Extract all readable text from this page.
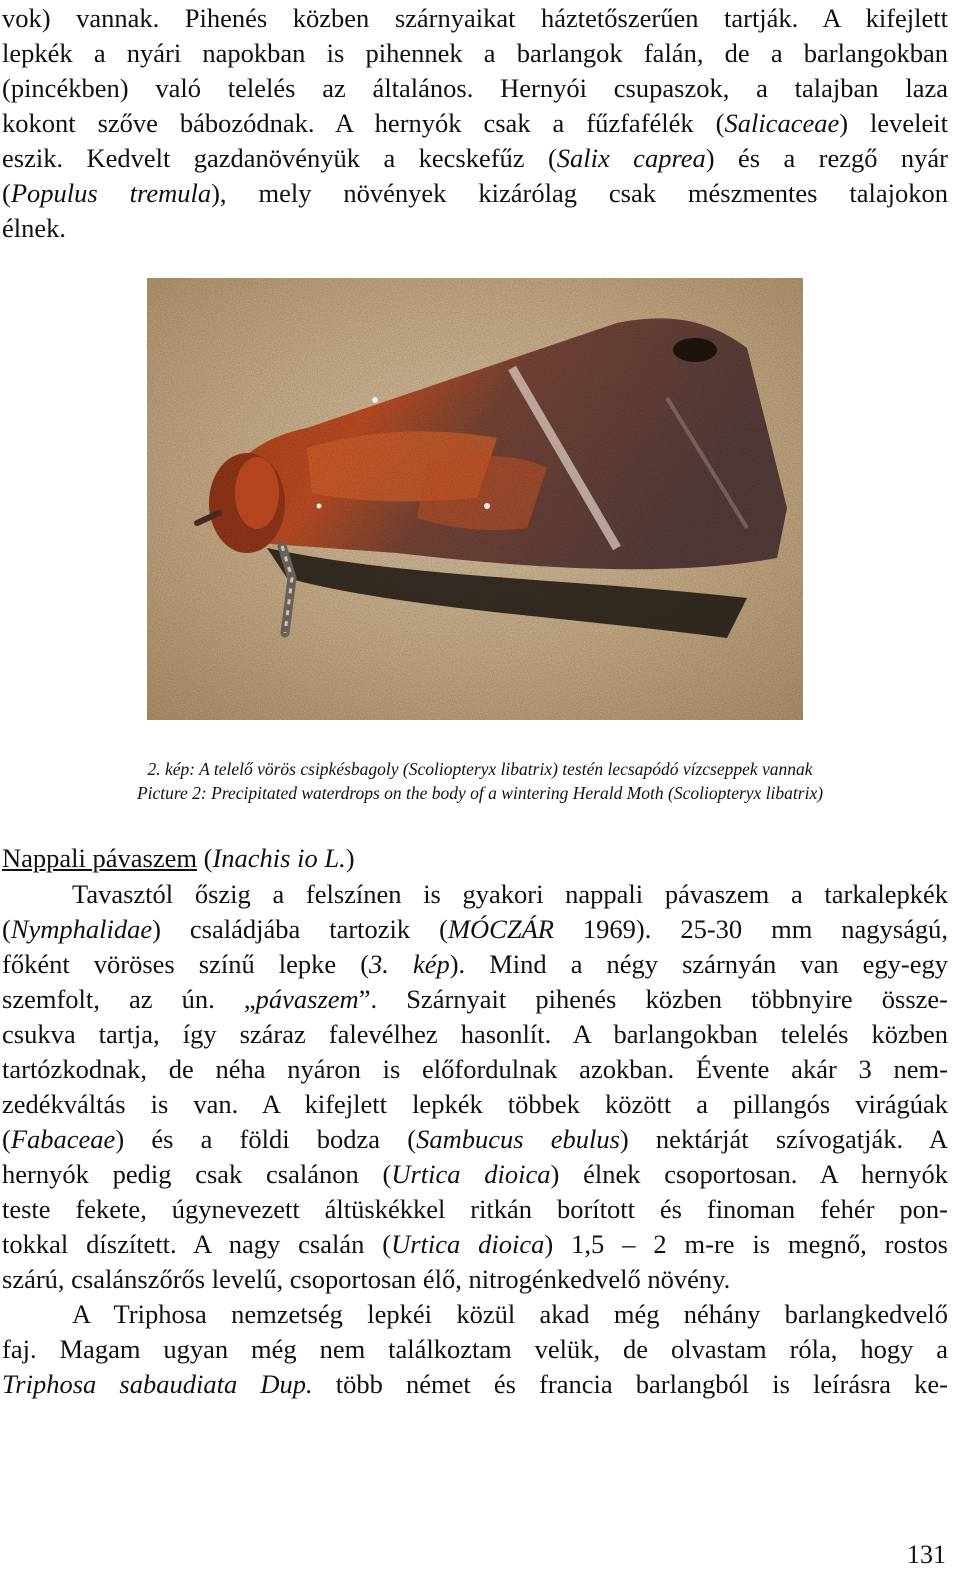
vok) vannak. Pihenés közben szárnyaikat háztetőszerűen tartják. A kifejlett
lepkék a nyári napokban is pihennek a barlangok falán, de a barlangokban
(pincékben) való telelés az általános. Hernyói csupaszok, a talajban laza
kokont szőve bábozódnak. A hernyók csak a fűzfafélék (Salicaceae) leveleit
eszik. Kedvelt gazdanövényük a kecskefűz (Salix caprea) és a rezgő nyár
(Populus tremula), mely növények kizárólag csak mészmentes talajokon
élnek.
2. kép: A telelő vörös csipkésbagoly (Scoliopteryx libatrix) testén lecsapódó vízcseppek vannak
Picture 2: Precipitated waterdrops on the body of a wintering Herald Moth (Scoliopteryx libatrix)
Nappali pávaszem (Inachis io L.)
Tavasztól őszig a felszínen is gyakori nappali pávaszem a tarkalepkék
(Nymphalidae) családjába tartozik (MÓCZÁR 1969). 25-30 mm nagyságú,
főként vöröses színű lepke (3. kép). Mind a négy szárnyán van egy-egy
szemfolt, az ún. „pávaszem”. Szárnyait pihenés közben többnyire össze-
csukva tartja, így száraz falevélhez hasonlít. A barlangokban telelés közben
tartózkodnak, de néha nyáron is előfordulnak azokban. Évente akár 3 nem-
zedékváltás is van. A kifejlett lepkék többek között a pillangós virágúak
(Fabaceae) és a földi bodza (Sambucus ebulus) nektárját szívogatják. A
hernyók pedig csak csalánon (Urtica dioica) élnek csoportosan. A hernyók
teste fekete, úgynevezett áltüskékkel ritkán borított és finoman fehér pon-
tokkal díszített. A nagy csalán (Urtica dioica) 1,5 – 2 m-re is megnő, rostos
szárú, csalánszőrős levelű, csoportosan élő, nitrogénkedvelő növény.
A Triphosa nemzetség lepkéi közül akad még néhány barlangkedvelő
faj. Magam ugyan még nem találkoztam velük, de olvastam róla, hogy a
Triphosa sabaudiata Dup. több német és francia barlangból is leírásra ke-
131
